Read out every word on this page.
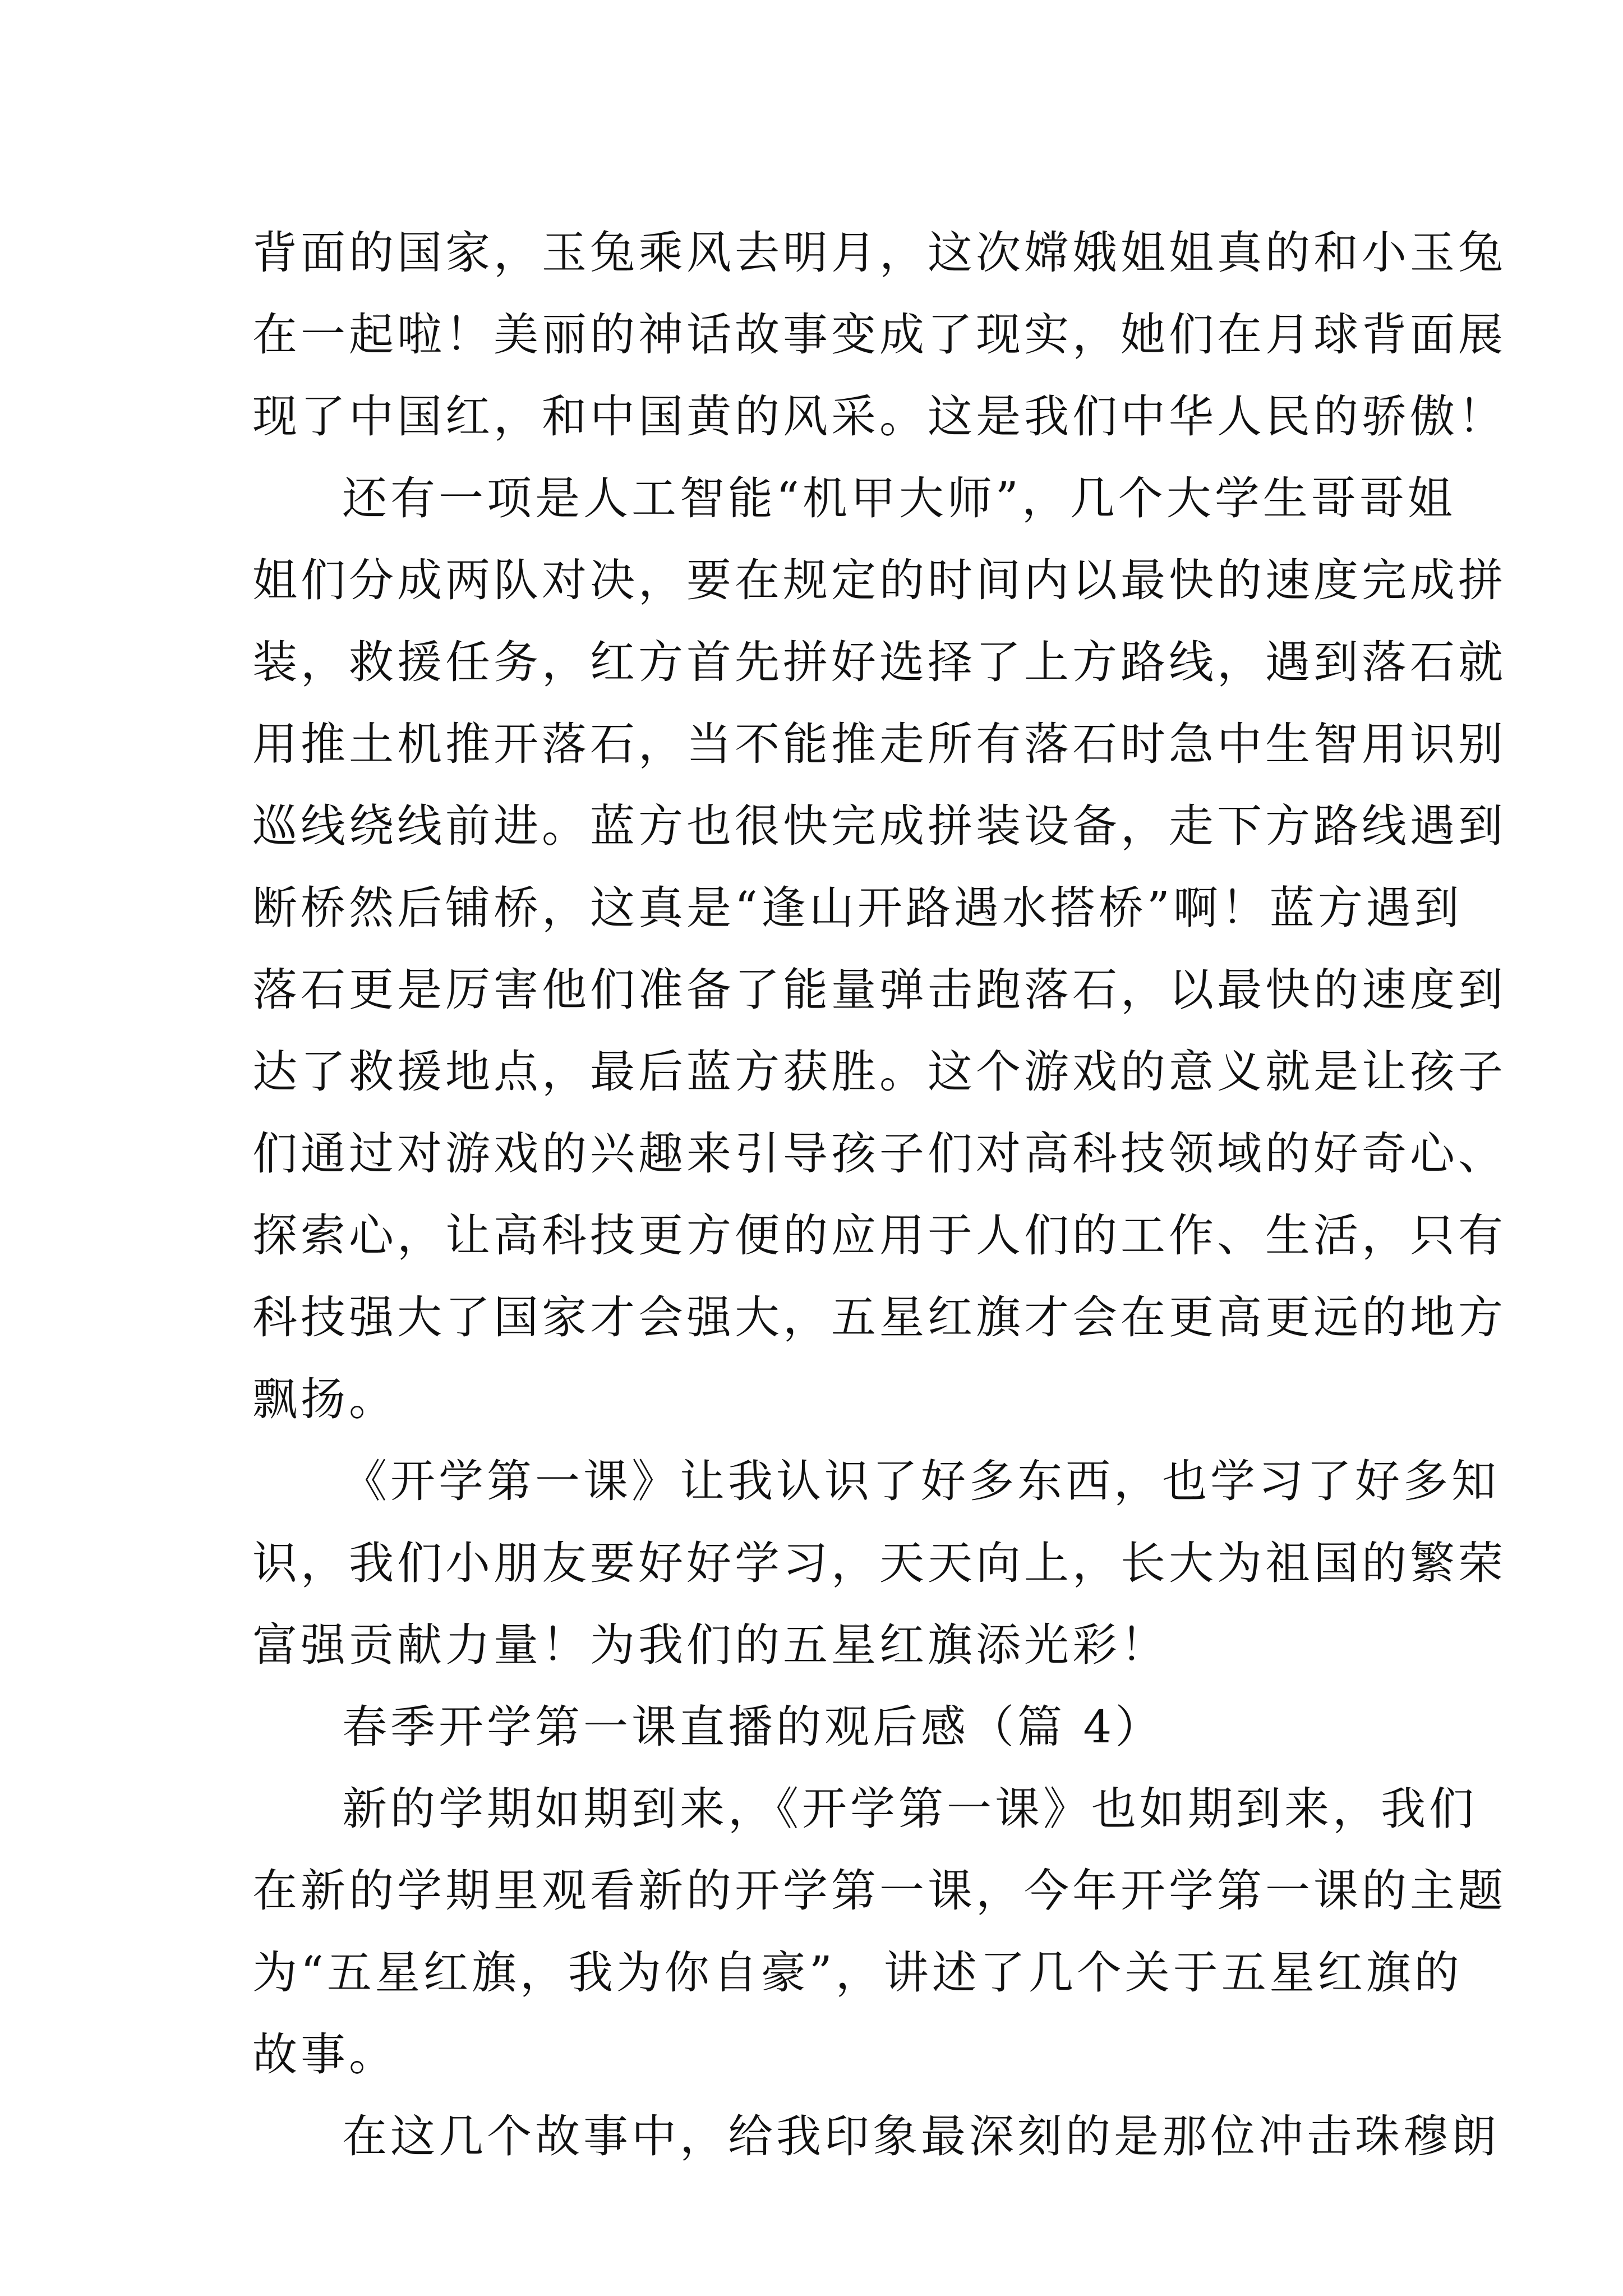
背面的国家，玉兔乘风去明月，这次嫦娥姐姐真的和小玉兔
在一起啦！美丽的神话故事变成了现实，她们在月球背面展
现了中国红，和中国黄的风采。这是我们中华人民的骄傲！
还有一项是人工智能“机甲大师”，几个大学生哥哥姐
姐们分成两队对决，要在规定的时间内以最快的速度完成拼
装，救援任务，红方首先拼好选择了上方路线，遇到落石就
用推土机推开落石，当不能推走所有落石时急中生智用识别
巡线绕线前进。蓝方也很快完成拼装设备，走下方路线遇到
断桥然后铺桥，这真是“逢山开路遇水搭桥”啊！蓝方遇到
落石更是厉害他们准备了能量弹击跑落石，以最快的速度到
达了救援地点，最后蓝方获胜。这个游戏的意义就是让孩子
们通过对游戏的兴趣来引导孩子们对高科技领域的好奇心、
探索心，让高科技更方便的应用于人们的工作、生活，只有
科技强大了国家才会强大，五星红旗才会在更高更远的地方
飘扬。
《开学第一课》让我认识了好多东西，也学习了好多知
识，我们小朋友要好好学习，天天向上，长大为祖国的繁荣
富强贡献力量！为我们的五星红旗添光彩！
春季开学第一课直播的观后感（篇 4）
新的学期如期到来，《开学第一课》也如期到来，我们
在新的学期里观看新的开学第一课，今年开学第一课的主题
为“五星红旗，我为你自豪”，讲述了几个关于五星红旗的
故事。
在这几个故事中，给我印象最深刻的是那位冲击珠穆朗
